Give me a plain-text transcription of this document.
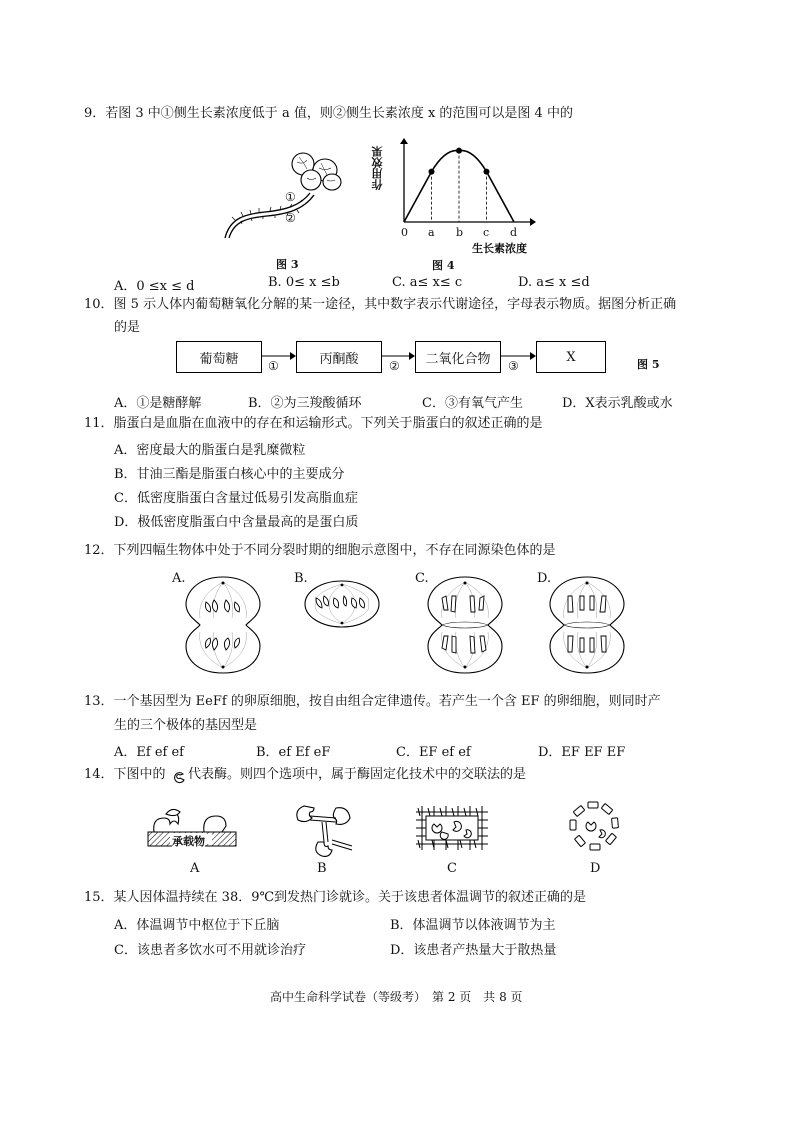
9．若图 3 中①侧生长素浓度低于 a 值，则②侧生长素浓度 x 的范围可以是图 4 中的
①
②
图 3
作用效果
0 a b c d
生长素浓度
图 4
A．0 ≤x ≤ d	B. 0≤ x ≤b	C. a≤ x≤ c	D. a≤ x ≤d
10．图 5 示人体内葡萄糖氧化分解的某一途径，其中数字表示代谢途径，字母表示物质。据图分析正确
的是
葡萄糖	丙酮酸	二氧化合物	X
①	②	③	图 5
A．①是糖酵解	B．②为三羧酸循环	C．③有氧气产生	D．X表示乳酸或水
11．脂蛋白是血脂在血液中的存在和运输形式。下列关于脂蛋白的叙述正确的是
A．密度最大的脂蛋白是乳糜微粒
B．甘油三酯是脂蛋白核心中的主要成分
C．低密度脂蛋白含量过低易引发高脂血症
D．极低密度脂蛋白中含量最高的是蛋白质
12．下列四幅生物体中处于不同分裂时期的细胞示意图中，不存在同源染色体的是
A.	B.	C.	D.
13．一个基因型为 EeFf 的卵原细胞，按自由组合定律遗传。若产生一个含 EF 的卵细胞，则同时产
生的三个极体的基因型是
A．Ef ef ef	B．ef Ef eF	C．EF ef ef	D．EF EF EF
14．下图中的 代表酶。则四个选项中，属于酶固定化技术中的交联法的是
承载物
A	B	C	D
15．某人因体温持续在 38．9℃到发热门诊就诊。关于该患者体温调节的叙述正确的是
A．体温调节中枢位于下丘脑	B．体温调节以体液调节为主
C．该患者多饮水可不用就诊治疗	D．该患者产热量大于散热量
高中生命科学试卷（等级考）　第 2 页　共 8 页
